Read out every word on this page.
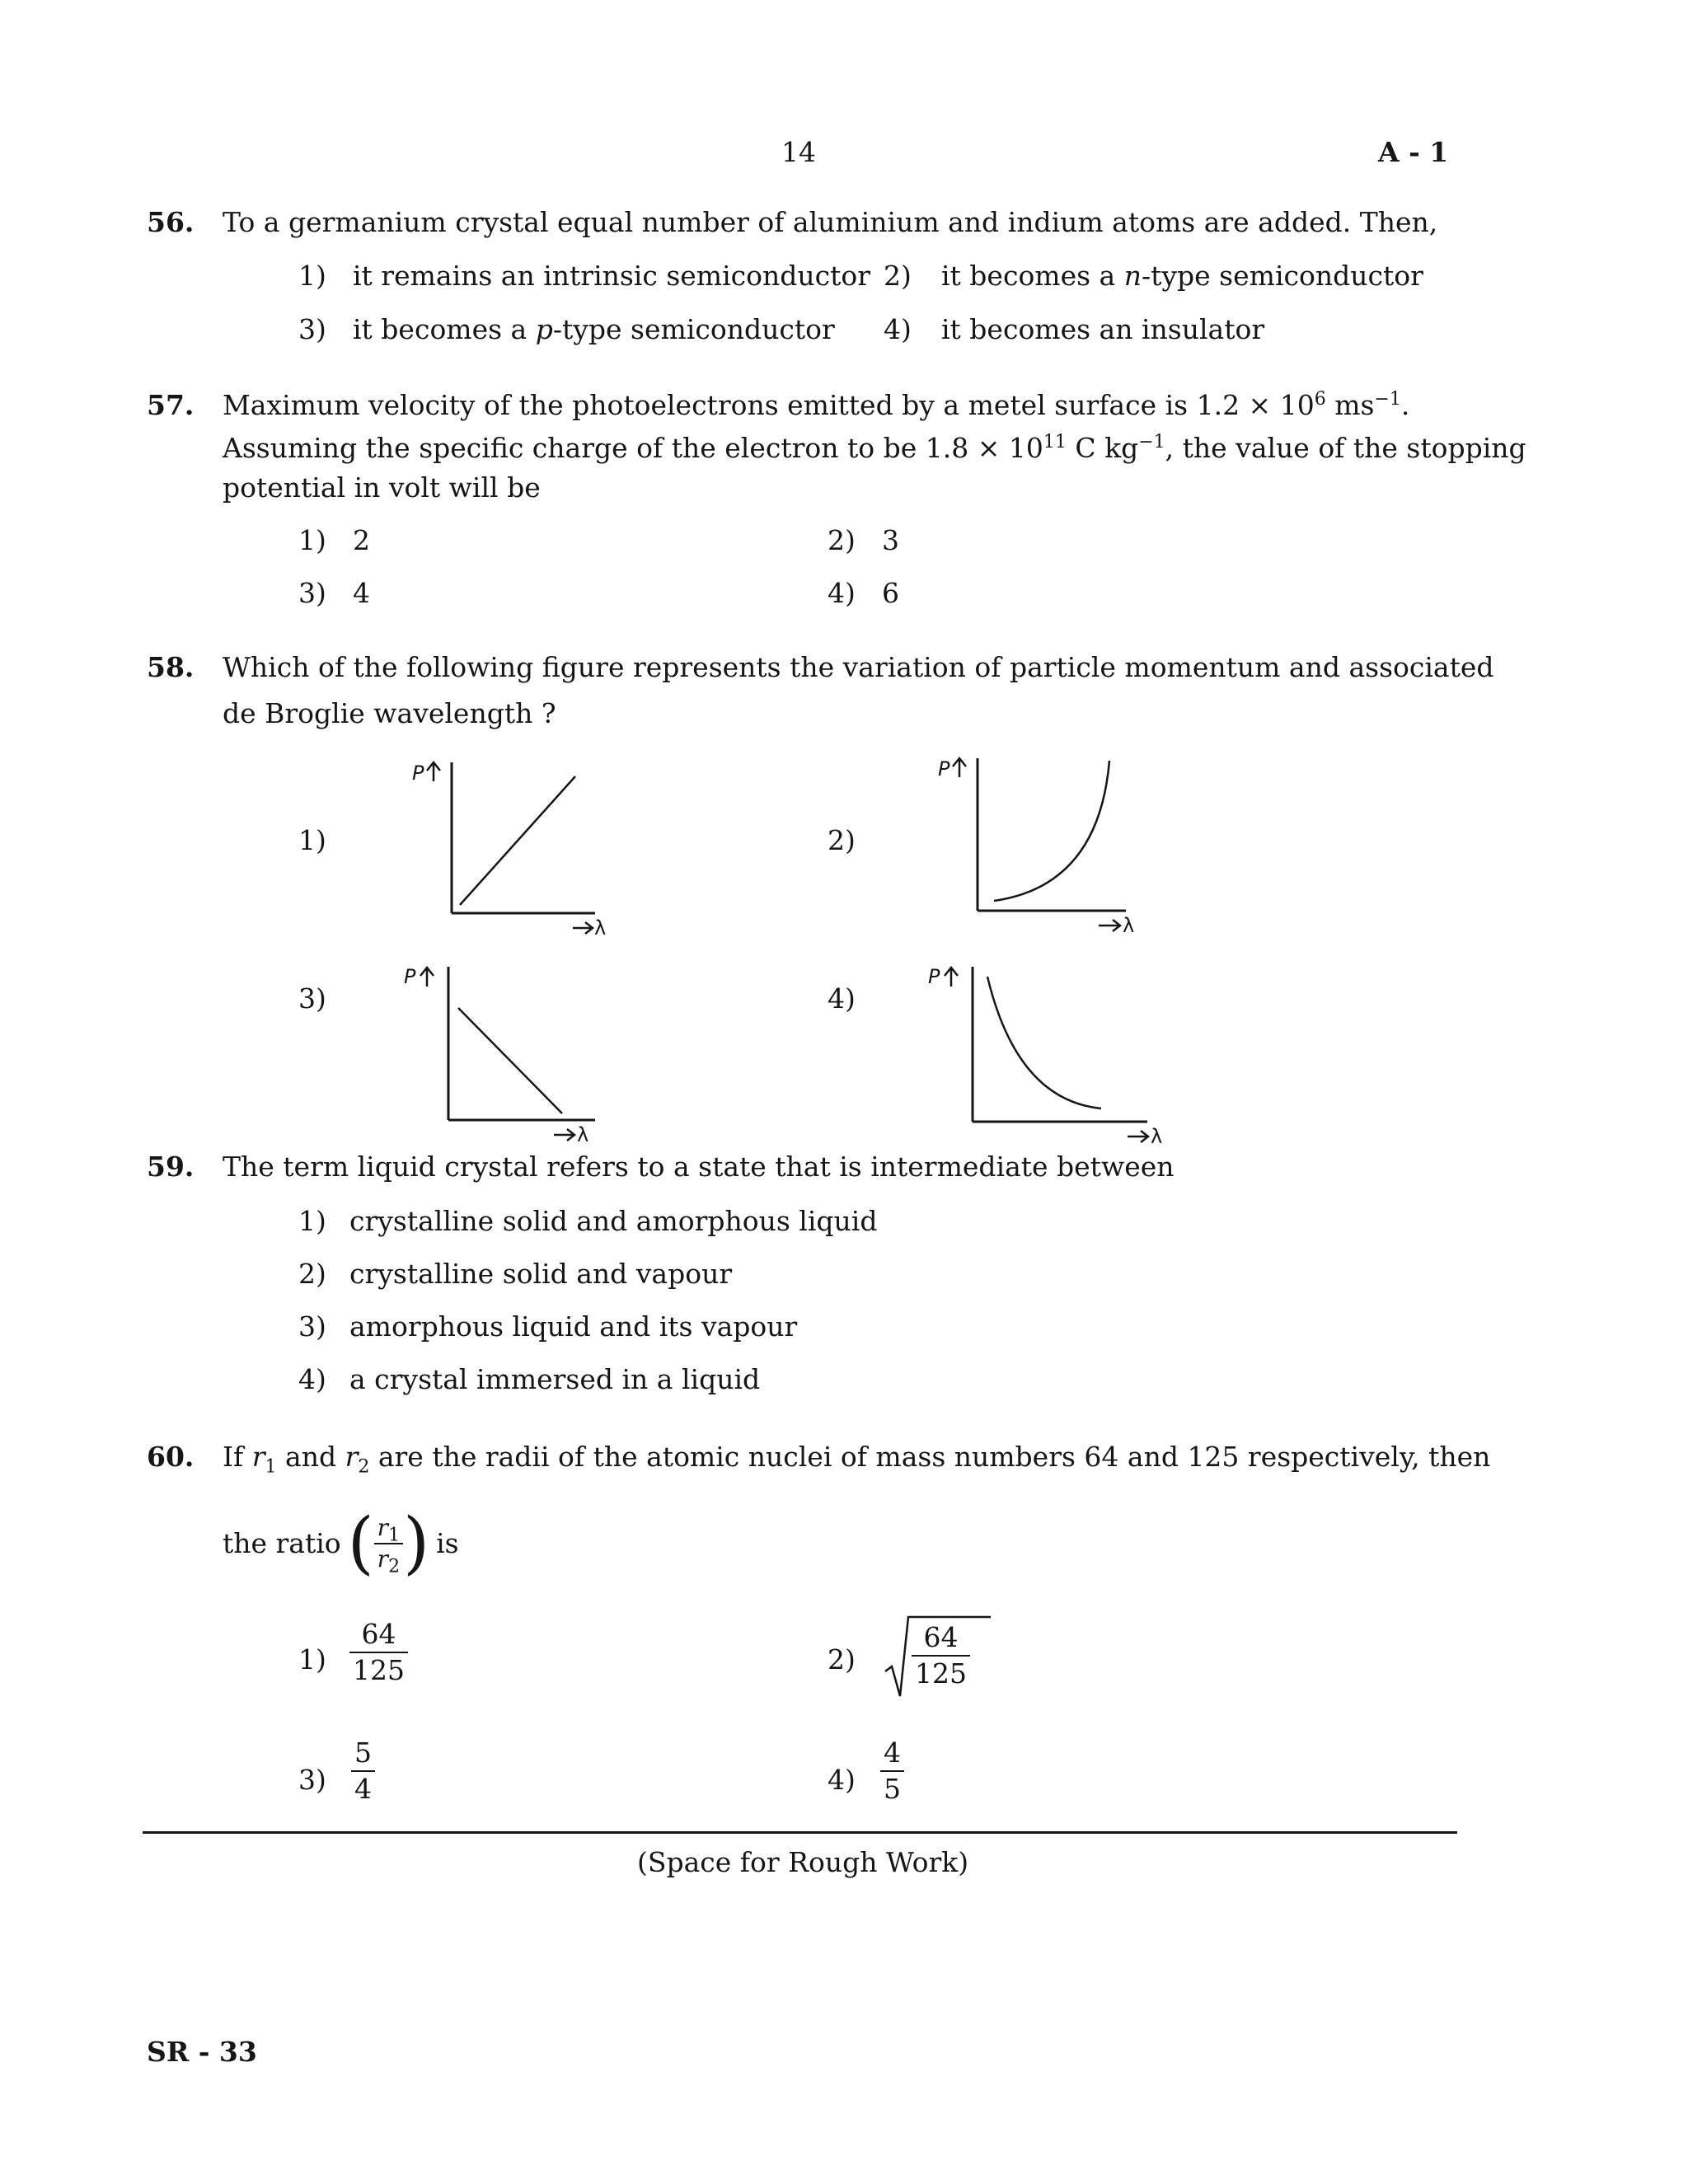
14	A - 1
56. To a germanium crystal equal number of aluminium and indium atoms are added. Then,
1) it remains an intrinsic semiconductor 2) it becomes a n-type semiconductor
3) it becomes a p-type semiconductor 4) it becomes an insulator
57. Maximum velocity of the photoelectrons emitted by a metel surface is $1.2 \times 10^6$ $ms^{-1}$.
Assuming the specific charge of the electron to be $1.8 \times 10^{11}$ C $kg^{-1}$, the value of the stopping
potential in volt will be
1) 2	2) 3
3) 4	4) 6
58. Which of the following figure represents the variation of particle momentum and associated
de Broglie wavelength ?
1)
P
λ
2)
P
λ
3)
P
λ
4)
P
λ
59. The term liquid crystal refers to a state that is intermediate between
1) crystalline solid and amorphous liquid
2) crystalline solid and vapour
3) amorphous liquid and its vapour
4) a crystal immersed in a liquid
60. If $r_1$ and $r_2$ are the radii of the atomic nuclei of mass numbers 64 and 125 respectively, then
the ratio ( $\frac{r_1}{r_2}$ ) is
$1) \frac{64}{125}$	$2) \frac{64}{125}$
$3) \frac{5}{4}$	$4) \frac{4}{5}$
(Space for Rough Work)
SR - 33
